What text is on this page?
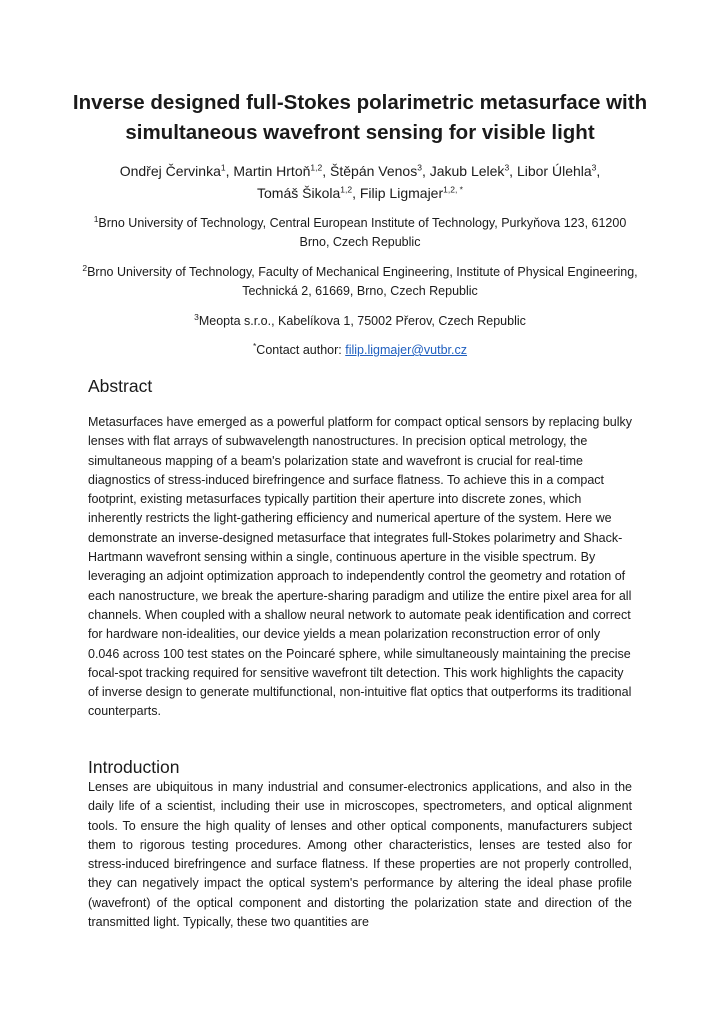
Inverse designed full-Stokes polarimetric metasurface with simultaneous wavefront sensing for visible light

Ondřej Červinka$^1$, Martin Hrtoň$^{1,2}$, Štěpán Venos$^3$, Jakub Lelek$^3$, Libor Úlehla$^3$,
Tomáš Šikola$^{1,2}$, Filip Ligmajer$^{1,2, *}$

$^1$Brno University of Technology, Central European Institute of Technology, Purkyňova 123, 61200 Brno, Czech Republic

$^2$Brno University of Technology, Faculty of Mechanical Engineering, Institute of Physical Engineering, Technická 2, 61669, Brno, Czech Republic

$^3$Meopta s.r.o., Kabelíkova 1, 75002 Přerov, Czech Republic

*Contact author: filip.ligmajer@vutbr.cz

Abstract

Metasurfaces have emerged as a powerful platform for compact optical sensors by replacing bulky lenses with flat arrays of subwavelength nanostructures. In precision optical metrology, the simultaneous mapping of a beam's polarization state and wavefront is crucial for real-time diagnostics of stress-induced birefringence and surface flatness. To achieve this in a compact footprint, existing metasurfaces typically partition their aperture into discrete zones, which inherently restricts the light-gathering efficiency and numerical aperture of the system. Here we demonstrate an inverse-designed metasurface that integrates full-Stokes polarimetry and Shack-Hartmann wavefront sensing within a single, continuous aperture in the visible spectrum. By leveraging an adjoint optimization approach to independently control the geometry and rotation of each nanostructure, we break the aperture-sharing paradigm and utilize the entire pixel area for all channels. When coupled with a shallow neural network to automate peak identification and correct for hardware non-idealities, our device yields a mean polarization reconstruction error of only 0.046 across 100 test states on the Poincaré sphere, while simultaneously maintaining the precise focal-spot tracking required for sensitive wavefront tilt detection. This work highlights the capacity of inverse design to generate multifunctional, non-intuitive flat optics that outperforms its traditional counterparts.

Introduction

Lenses are ubiquitous in many industrial and consumer-electronics applications, and also in the daily life of a scientist, including their use in microscopes, spectrometers, and optical alignment tools. To ensure the high quality of lenses and other optical components, manufacturers subject them to rigorous testing procedures. Among other characteristics, lenses are tested also for stress-induced birefringence and surface flatness. If these properties are not properly controlled, they can negatively impact the optical system's performance by altering the ideal phase profile (wavefront) of the optical component and distorting the polarization state and direction of the transmitted light. Typically, these two quantities are
